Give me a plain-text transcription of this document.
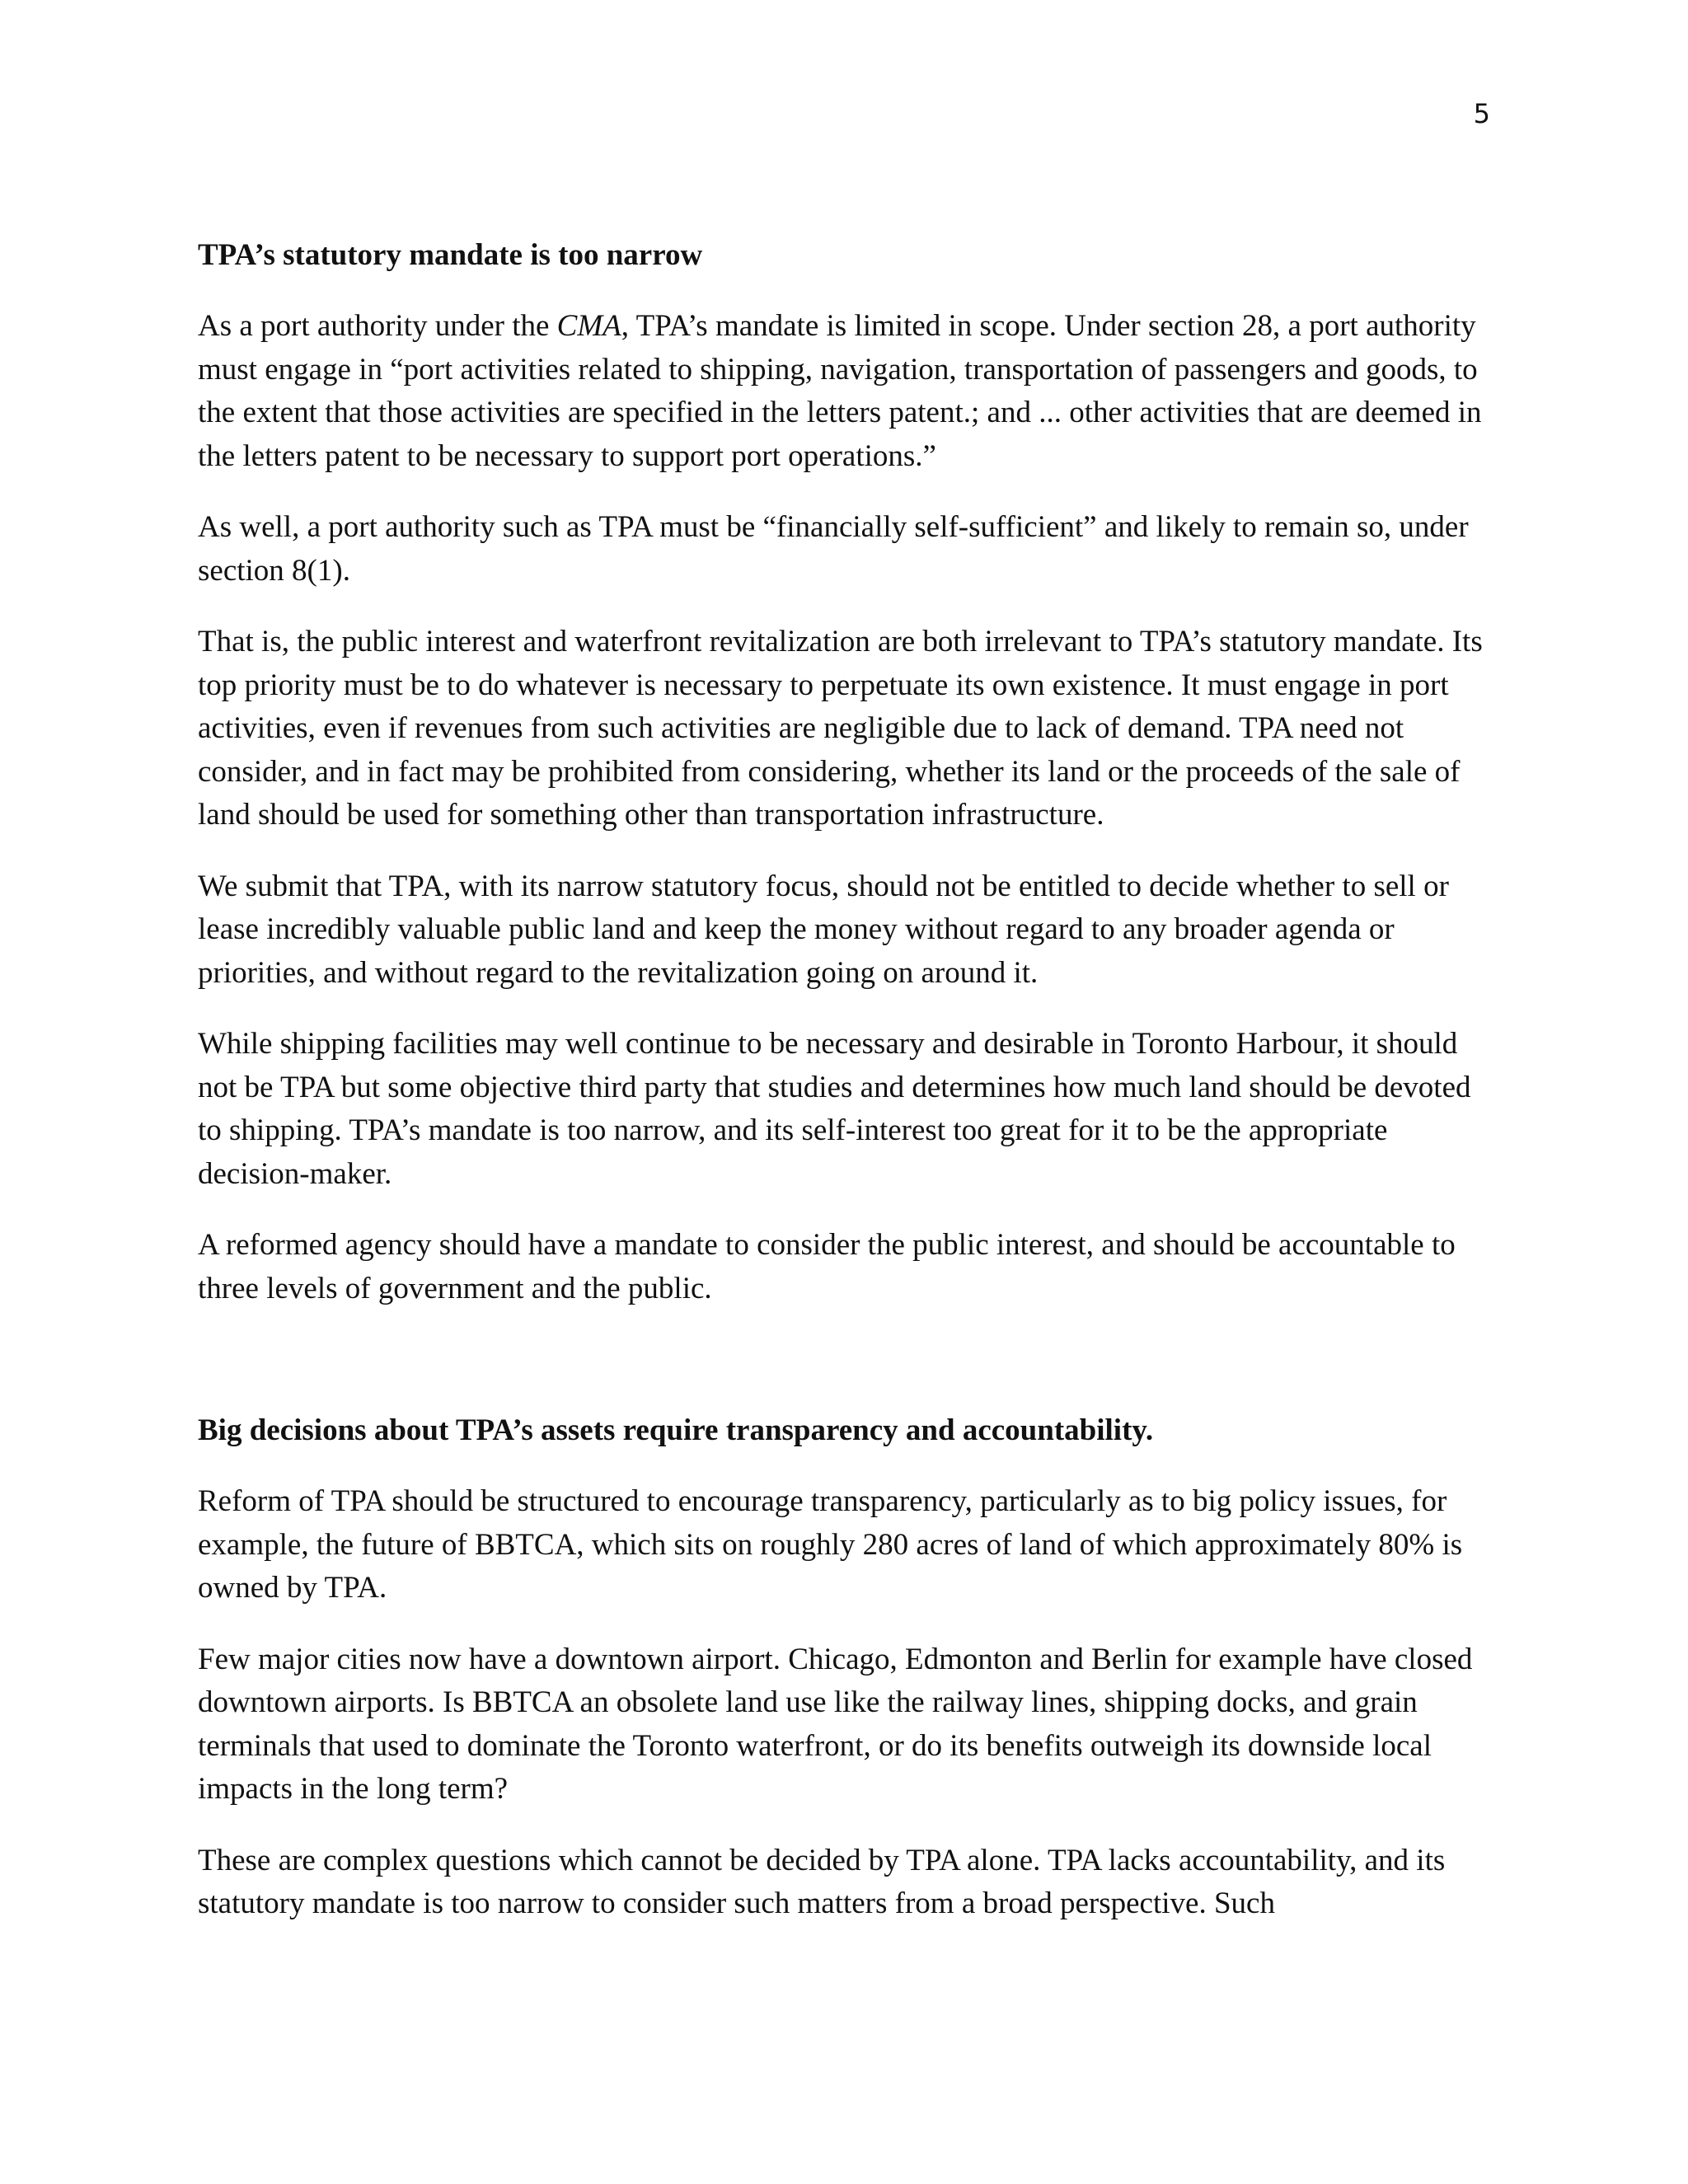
5
TPA’s statutory mandate is too narrow

As a port authority under the CMA, TPA’s mandate is limited in scope. Under section 28, a port authority must engage in “port activities related to shipping, navigation, transportation of passengers and goods, to the extent that those activities are specified in the letters patent.; and ... other activities that are deemed in the letters patent to be necessary to support port operations.”

As well, a port authority such as TPA must be “financially self-sufficient” and likely to remain so, under section 8(1).

That is, the public interest and waterfront revitalization are both irrelevant to TPA’s statutory mandate. Its top priority must be to do whatever is necessary to perpetuate its own existence. It must engage in port activities, even if revenues from such activities are negligible due to lack of demand. TPA need not consider, and in fact may be prohibited from considering, whether its land or the proceeds of the sale of land should be used for something other than transportation infrastructure.

We submit that TPA, with its narrow statutory focus, should not be entitled to decide whether to sell or lease incredibly valuable public land and keep the money without regard to any broader agenda or priorities, and without regard to the revitalization going on around it.

While shipping facilities may well continue to be necessary and desirable in Toronto Harbour, it should not be TPA but some objective third party that studies and determines how much land should be devoted to shipping. TPA’s mandate is too narrow, and its self-interest too great for it to be the appropriate decision-maker.

A reformed agency should have a mandate to consider the public interest, and should be accountable to three levels of government and the public.

Big decisions about TPA’s assets require transparency and accountability.

Reform of TPA should be structured to encourage transparency, particularly as to big policy issues, for example, the future of BBTCA, which sits on roughly 280 acres of land of which approximately 80% is owned by TPA.

Few major cities now have a downtown airport. Chicago, Edmonton and Berlin for example have closed downtown airports. Is BBTCA an obsolete land use like the railway lines, shipping docks, and grain terminals that used to dominate the Toronto waterfront, or do its benefits outweigh its downside local impacts in the long term?

These are complex questions which cannot be decided by TPA alone. TPA lacks accountability, and its statutory mandate is too narrow to consider such matters from a broad perspective. Such
